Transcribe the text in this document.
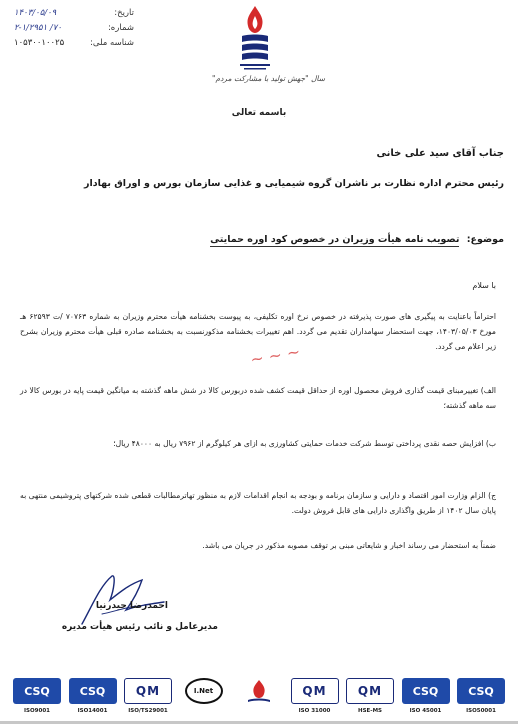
۱۴۰۳/۰۵/۰۹	تاریخ:
۲-۱/۲۹۵۱ /۷۰	شماره:
۱۰۵۳۰۰۱۰۰۲۵	شناسه ملی:
سال "جهش تولید با مشارکت مردم"
باسمه تعالی
جناب آقای سید علی خانی
رئیس محترم اداره نظارت بر ناشران گروه شیمیایی و غذایی سازمان بورس و اوراق بهادار
موضوع: تصویب نامه هیأت وزیران در خصوص کود اوره حمایتی
با سلام

احتراماً باعنایت به پیگیری های صورت پذیرفته در خصوص نرخ اوره تکلیفی، به پیوست بخشنامه هیأت محترم وزیران به شماره ۷۰۷۶۳ /ت ۶۲۵۹۳ هـ مورخ ۱۴۰۳/۰۵/۰۳، جهت استحضار سهامداران تقدیم می گردد. اهم تغییرات بخشنامه مذکورنسبت به بخشنامه صادره قبلی هیأت محترم وزیران بشرح زیر اعلام می گردد.

الف) تغییرمبنای قیمت گذاری فروش محصول اوره از حداقل قیمت کشف شده دربورس کالا در شش ماهه گذشته به میانگین قیمت پایه در بورس کالا در سه ماهه گذشته؛

ب) افزایش حصه نقدی پرداختی توسط شرکت خدمات حمایتی کشاورزی به ازای هر کیلوگرم از ۷۹۶۲ ریال به ۴۸۰۰۰ ریال؛

ج) الزام وزارت امور اقتصاد و دارایی و سازمان برنامه و بودجه به انجام اقدامات لازم به منظور تهاترمطالبات قطعی شده شرکتهای پتروشیمی منتهی به پایان سال ۱۴۰۲ از طریق واگذاری دارایی های قابل فروش دولت.

ضمناً به استحضار می رساند اخبار و شایعاتی مبنی بر توقف مصوبه مذکور در جریان می باشد.

~ ~ ~
احمدرضا حیدرنیا
مدیرعامل و نائب رئیس هیأت مدیره
CSQ
ISO9001
CSQ
ISO14001
QM
ISO/TS29001
I.Net	QM
ISO 31000
QM
HSE-MS
CSQ
ISO 45001
CSQ
ISO50001
